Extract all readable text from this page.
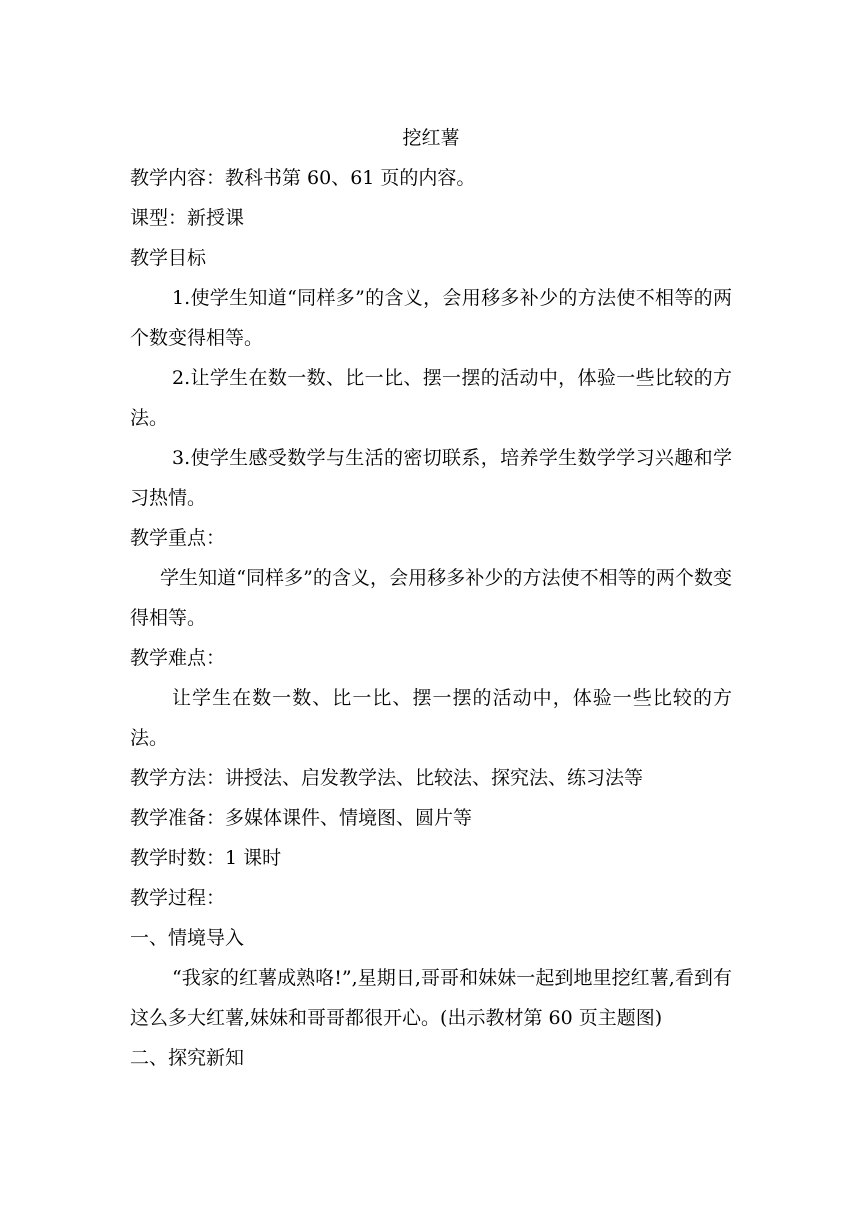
挖红薯
教学内容：教科书第 60、61 页的内容。
课型：新授课
教学目标
1.使学生知道“同样多”的含义，会用移多补少的方法使不相等的两个数变得相等。
2.让学生在数一数、比一比、摆一摆的活动中，体验一些比较的方法。
3.使学生感受数学与生活的密切联系，培养学生数学学习兴趣和学习热情。
教学重点：
学生知道“同样多”的含义，会用移多补少的方法使不相等的两个数变得相等。
教学难点：
让学生在数一数、比一比、摆一摆的活动中，体验一些比较的方法。
教学方法：讲授法、启发教学法、比较法、探究法、练习法等
教学准备：多媒体课件、情境图、圆片等
教学时数：1 课时
教学过程：
一、情境导入
“我家的红薯成熟咯!”,星期日,哥哥和妹妹一起到地里挖红薯,看到有这么多大红薯,妹妹和哥哥都很开心。(出示教材第 60 页主题图)
二、探究新知
